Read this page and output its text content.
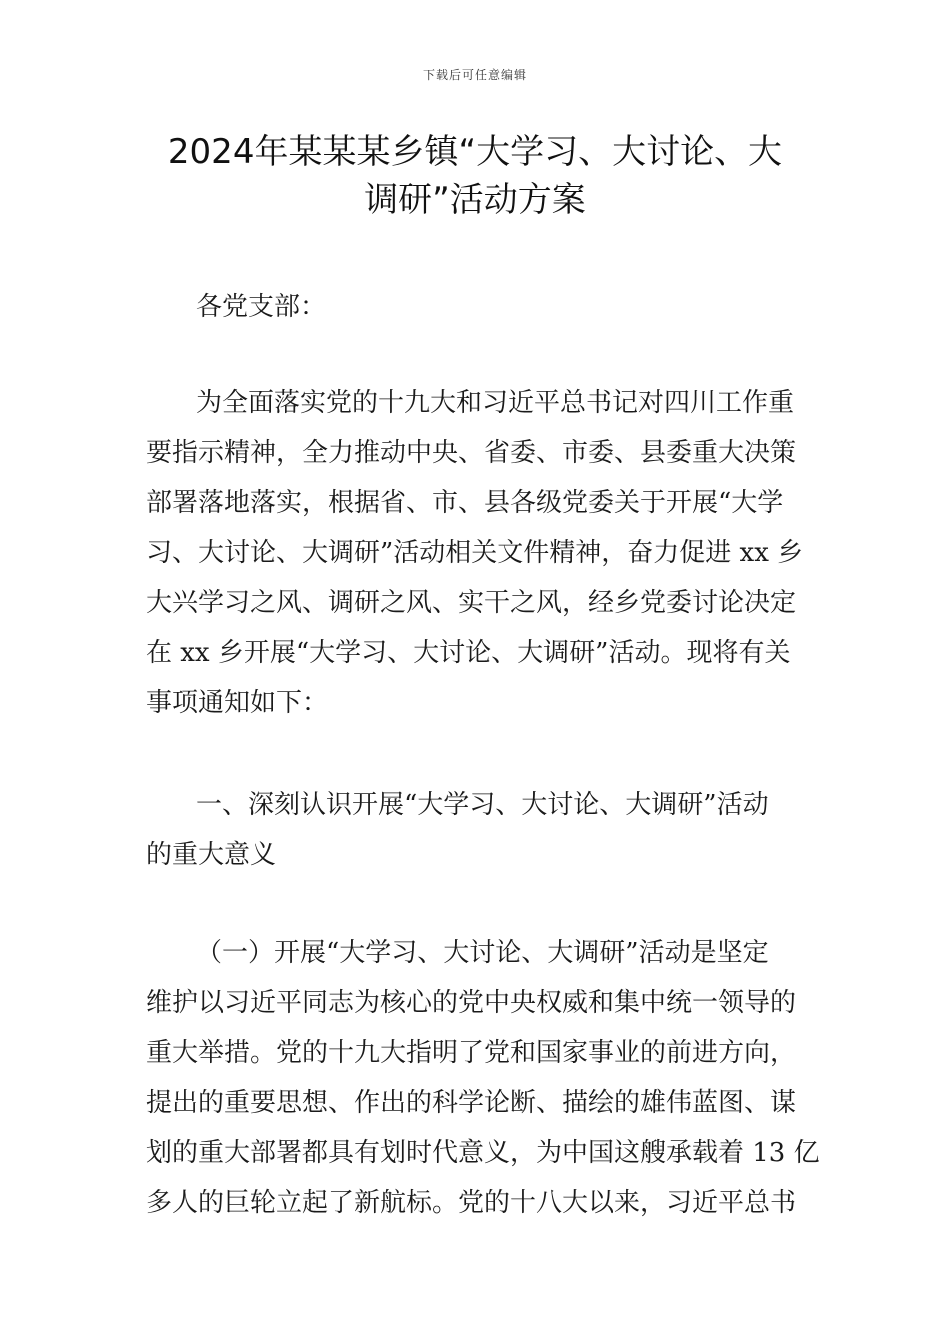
下载后可任意编辑
2024年某某某乡镇“大学习、大讨论、大
调研”活动方案
各党支部：
为全面落实党的十九大和习近平总书记对四川工作重
要指示精神，全力推动中央、省委、市委、县委重大决策
部署落地落实，根据省、市、县各级党委关于开展“大学
习、大讨论、大调研”活动相关文件精神，奋力促进 xx 乡
大兴学习之风、调研之风、实干之风，经乡党委讨论决定
在 xx 乡开展“大学习、大讨论、大调研”活动。现将有关
事项通知如下：
一、深刻认识开展“大学习、大讨论、大调研”活动
的重大意义
（一）开展“大学习、大讨论、大调研”活动是坚定
维护以习近平同志为核心的党中央权威和集中统一领导的
重大举措。党的十九大指明了党和国家事业的前进方向，
提出的重要思想、作出的科学论断、描绘的雄伟蓝图、谋
划的重大部署都具有划时代意义，为中国这艘承载着 13 亿
多人的巨轮立起了新航标。党的十八大以来，习近平总书
